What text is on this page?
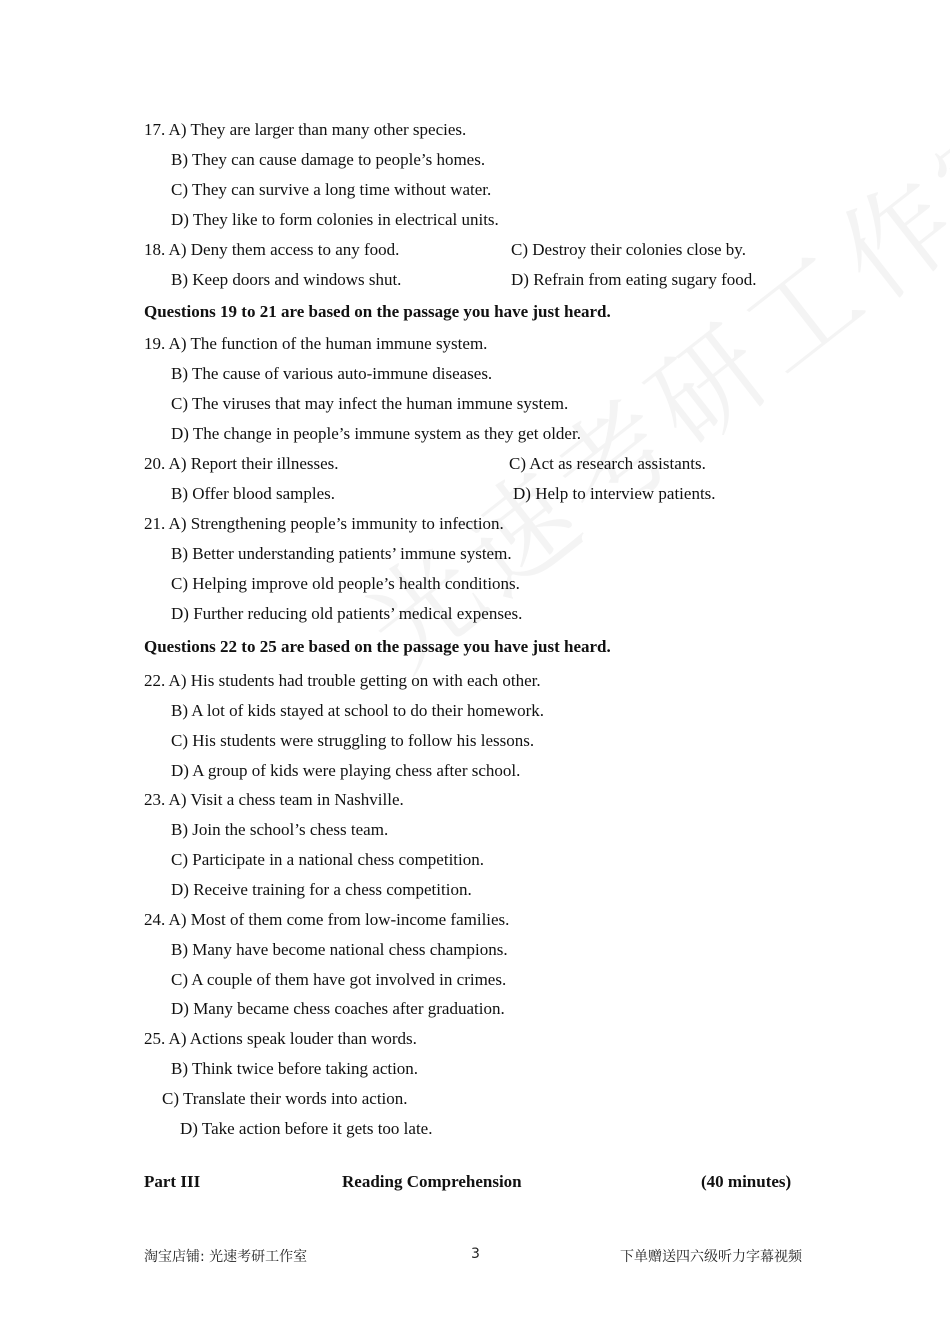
17. A) They are larger than many other species.
B) They can cause damage to people’s homes.
C) They can survive a long time without water.
D) They like to form colonies in electrical units.
18. A) Deny them access to any food.	C) Destroy their colonies close by.
B) Keep doors and windows shut.	D) Refrain from eating sugary food.
Questions 19 to 21 are based on the passage you have just heard.
19. A) The function of the human immune system.
B) The cause of various auto-immune diseases.
C) The viruses that may infect the human immune system.
D) The change in people’s immune system as they get older.
20. A) Report their illnesses.	C) Act as research assistants.
B) Offer blood samples.	D) Help to interview patients.
21. A) Strengthening people’s immunity to infection.
B) Better understanding patients’ immune system.
C) Helping improve old people’s health conditions.
D) Further reducing old patients’ medical expenses.
Questions 22 to 25 are based on the passage you have just heard.
22. A) His students had trouble getting on with each other.
B) A lot of kids stayed at school to do their homework.
C) His students were struggling to follow his lessons.
D) A group of kids were playing chess after school.
23. A) Visit a chess team in Nashville.
B) Join the school’s chess team.
C) Participate in a national chess competition.
D) Receive training for a chess competition.
24. A) Most of them come from low-income families.
B) Many have become national chess champions.
C) A couple of them have got involved in crimes.
D) Many became chess coaches after graduation.
25. A) Actions speak louder than words.
B) Think twice before taking action.
C) Translate their words into action.
D) Take action before it gets too late.
Part III	Reading Comprehension	(40 minutes)
淘宝店铺: 光速考研工作室	3	下单赠送四六级听力字幕视频
